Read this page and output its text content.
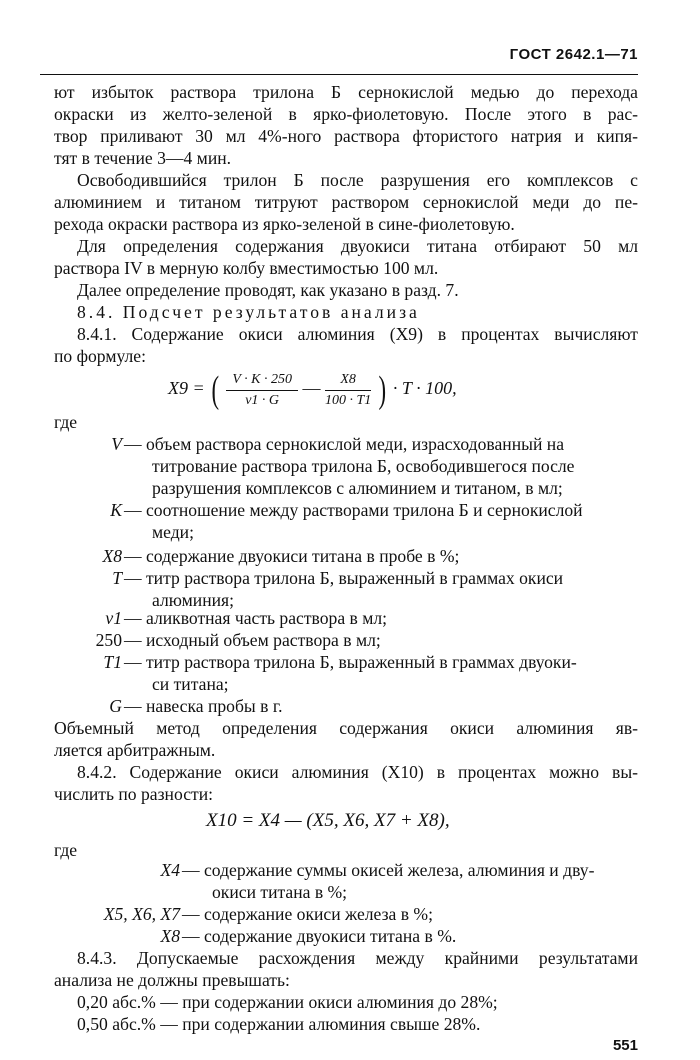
ГОСТ 2642.1—71
ют избыток раствора трилона Б сернокислой медью до перехода
окраски из желто-зеленой в ярко-фиолетовую. После этого в рас-
твор приливают 30 мл 4%-ного раствора фтористого натрия и кипя-
тят в течение 3—4 мин.
Освободившийся трилон Б после разрушения его комплексов с
алюминием и титаном титруют раствором сернокислой меди до пе-
рехода окраски раствора из ярко-зеленой в сине-фиолетовую.
Для определения содержания двуокиси титана отбирают 50 мл
раствора IV в мерную колбу вместимостью 100 мл.
Далее определение проводят, как указано в разд. 7.
8.4. Подсчет результатов анализа
8.4.1. Содержание окиси алюминия (X9) в процентах вычисляют
по формуле:
X9 = ( $\frac{V \cdot K \cdot 250}{v1 \cdot G}$ — $\frac{X8}{100 \cdot T1}$ ) · T · 100,
где
V — объем раствора сернокислой меди, израсходованный на
титрование раствора трилона Б, освободившегося после
разрушения комплексов с алюминием и титаном, в мл;
K — соотношение между растворами трилона Б и сернокислой
меди;
X8 — содержание двуокиси титана в пробе в %;
T — титр раствора трилона Б, выраженный в граммах окиси
алюминия;
v1 — аликвотная часть раствора в мл;
250 — исходный объем раствора в мл;
T1 — титр раствора трилона Б, выраженный в граммах двуоки-
си титана;
G — навеска пробы в г.
Объемный метод определения содержания окиси алюминия яв-
ляется арбитражным.
8.4.2. Содержание окиси алюминия (X10) в процентах можно вы-
числить по разности:
X10 = X4 — (X5, X6, X7 + X8),
где
X4 — содержание суммы окисей железа, алюминия и дву-
окиси титана в %;
X5, X6, X7 — содержание окиси железа в %;
X8 — содержание двуокиси титана в %.
551
8.4.3. Допускаемые расхождения между крайними результатами
анализа не должны превышать:
0,20 абс.% — при содержании окиси алюминия до 28%;
0,50 абс.% — при содержании алюминия свыше 28%.
